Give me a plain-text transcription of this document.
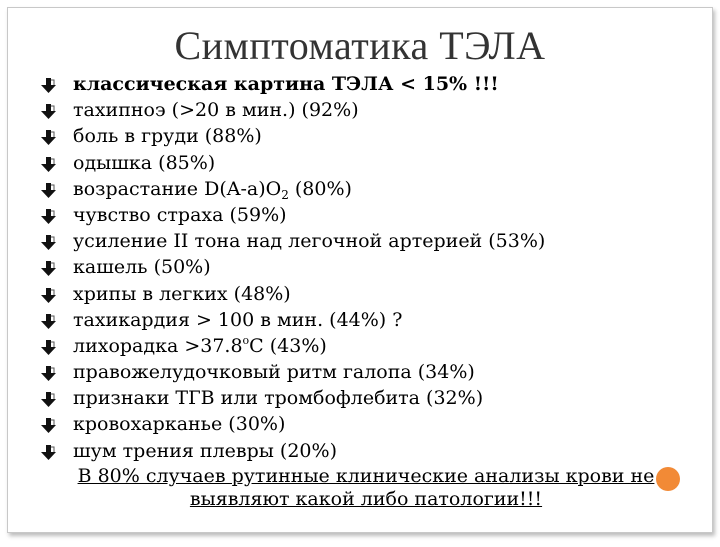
Симптоматика ТЭЛА
классическая картина ТЭЛА < 15% !!!
тахипноэ (>20 в мин.) (92%)
боль в груди (88%)
одышка (85%)
возрастание $D(A-a)O_2$ (80%)
чувство страха (59%)
усиление II тона над легочной артерией (53%)
кашель (50%)
хрипы в легких (48%)
тахикардия > 100 в мин. (44%) ?
лихорадка $>37.8^оС$ (43%)
правожелудочковый ритм галопа (34%)
признаки ТГВ или тромбофлебита (32%)
кровохарканье (30%)
шум трения плевры (20%)
В 80% случаев рутинные клинические анализы крови не выявляют какой либо патологии!!!
